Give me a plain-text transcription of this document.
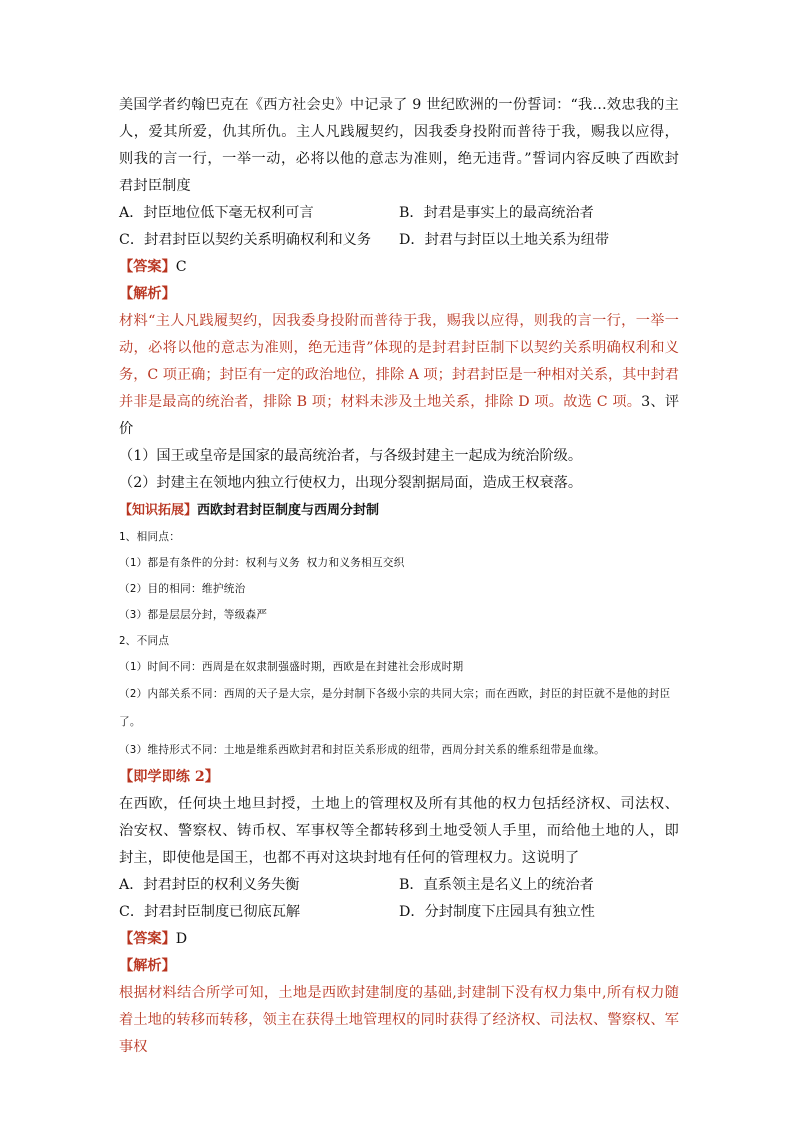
美国学者约翰巴克在《西方社会史》中记录了 9 世纪欧洲的一份誓词：“我…效忠我的主人，爱其所爱，仇其所仇。主人凡践履契约，因我委身投附而普待于我，赐我以应得，则我的言一行，一举一动，必将以他的意志为准则，绝无违背。”誓词内容反映了西欧封君封臣制度

A．封臣地位低下毫无权利可言	B．封君是事实上的最高统治者
C．封君封臣以契约关系明确权利和义务	D．封君与封臣以土地关系为纽带
【答案】C
【解析】

材料“主人凡践履契约，因我委身投附而普待于我，赐我以应得，则我的言一行，一举一动，必将以他的意志为准则，绝无违背”体现的是封君封臣制下以契约关系明确权利和义务，C 项正确；封臣有一定的政治地位，排除 A 项；封君封臣是一种相对关系，其中封君并非是最高的统治者，排除 B 项；材料未涉及土地关系，排除 D 项。故选 C 项。3、评价

（1）国王或皇帝是国家的最高统治者，与各级封建主一起成为统治阶级。

（2）封建主在领地内独立行使权力，出现分裂割据局面，造成王权衰落。

【知识拓展】西欧封君封臣制度与西周分封制

1、相同点：

（1）都是有条件的分封：权利与义务 权力和义务相互交织

（2）目的相同：维护统治

（3）都是层层分封，等级森严

2、不同点

（1）时间不同：西周是在奴隶制强盛时期，西欧是在封建社会形成时期

（2）内部关系不同：西周的天子是大宗，是分封制下各级小宗的共同大宗；而在西欧，封臣的封臣就不是他的封臣了。

（3）维持形式不同：土地是维系西欧封君和封臣关系形成的纽带，西周分封关系的维系纽带是血缘。

【即学即练 2】

在西欧，任何块土地旦封授，土地上的管理权及所有其他的权力包括经济权、司法权、治安权、警察权、铸币权、军事权等全都转移到土地受领人手里，而给他土地的人，即封主，即使他是国王，也都不再对这块封地有任何的管理权力。这说明了

A．封君封臣的权利义务失衡	B．直系领主是名义上的统治者
C．封君封臣制度已彻底瓦解	D．分封制度下庄园具有独立性
【答案】D
【解析】

根据材料结合所学可知，土地是西欧封建制度的基础,封建制下没有权力集中,所有权力随着土地的转移而转移，领主在获得土地管理权的同时获得了经济权、司法权、警察权、军事权
